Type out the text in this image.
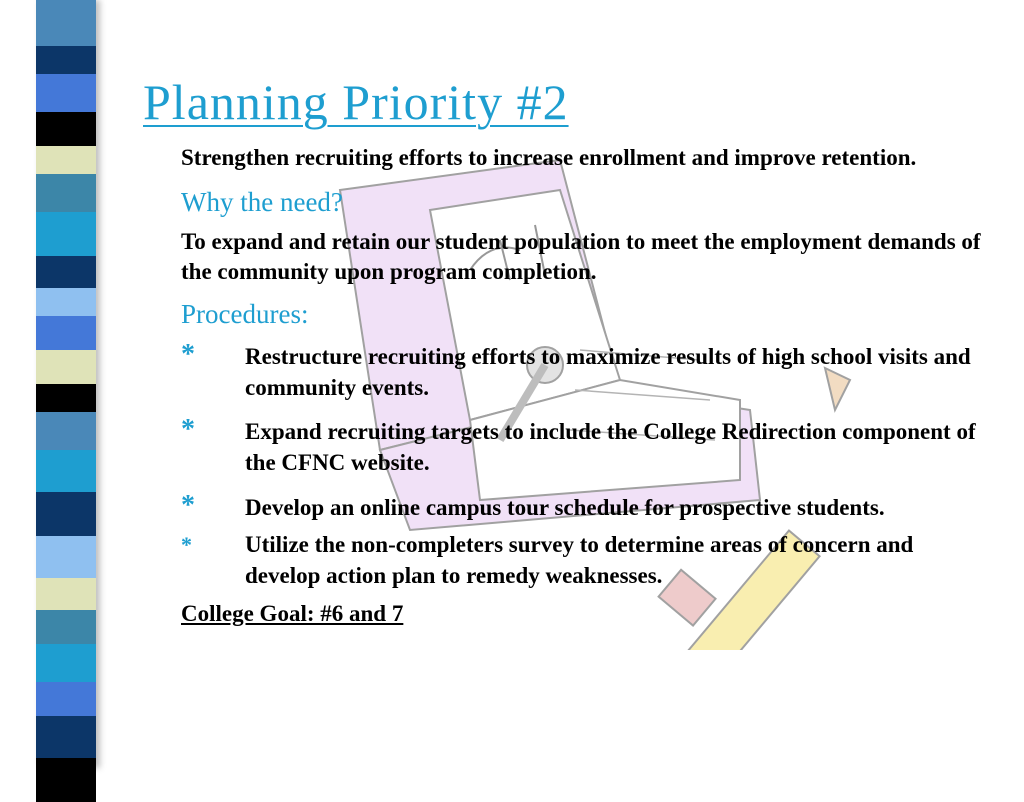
Planning Priority #2

Strengthen recruiting efforts to increase enrollment and improve retention.

Why the need?

To expand and retain our student population to meet the employment demands of the community upon program completion.

Procedures:
* Restructure recruiting efforts to maximize results of high school visits and community events.
* Expand recruiting targets to include the College Redirection component of the CFNC website.
* Develop an online campus tour schedule for prospective students.
* Utilize the non-completers survey to determine areas of concern and develop action plan to remedy weaknesses.

College Goal: #6 and 7
